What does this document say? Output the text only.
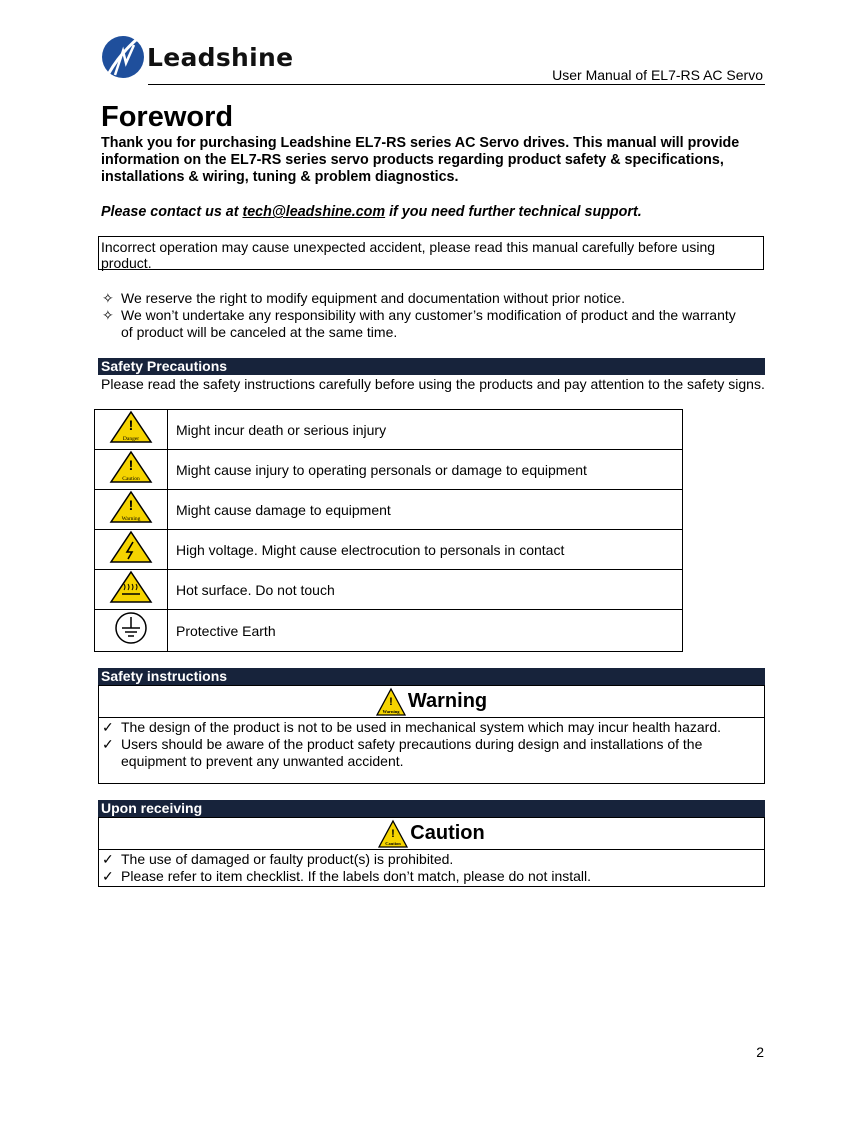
Leadshine
User Manual of EL7-RS AC Servo
Foreword
Thank you for purchasing Leadshine EL7-RS series AC Servo drives. This manual will provide information on the EL7-RS series servo products regarding product safety & specifications, installations & wiring, tuning & problem diagnostics.
Please contact us at tech@leadshine.com if you need further technical support.
Incorrect operation may cause unexpected accident, please read this manual carefully before using product.
✧ We reserve the right to modify equipment and documentation without prior notice.
✧ We won’t undertake any responsibility with any customer’s modification of product and the warranty of product will be canceled at the same time.
Safety Precautions
Please read the safety instructions carefully before using the products and pay attention to the safety signs.
!
Danger	Might incur death or serious injury

!
Caution	Might cause injury to operating personals or damage to equipment

!
Warning	Might cause damage to equipment
	High voltage. Might cause electrocution to personals in contact
	Hot surface. Do not touch
	Protective Earth
Safety instructions
!
Warning Warning
✓ The design of the product is not to be used in mechanical system which may incur health hazard.
✓ Users should be aware of the product safety precautions during design and installations of the equipment to prevent any unwanted accident.
Upon receiving
!
Caution Caution
✓ The use of damaged or faulty product(s) is prohibited.
✓ Please refer to item checklist. If the labels don’t match, please do not install.
2
